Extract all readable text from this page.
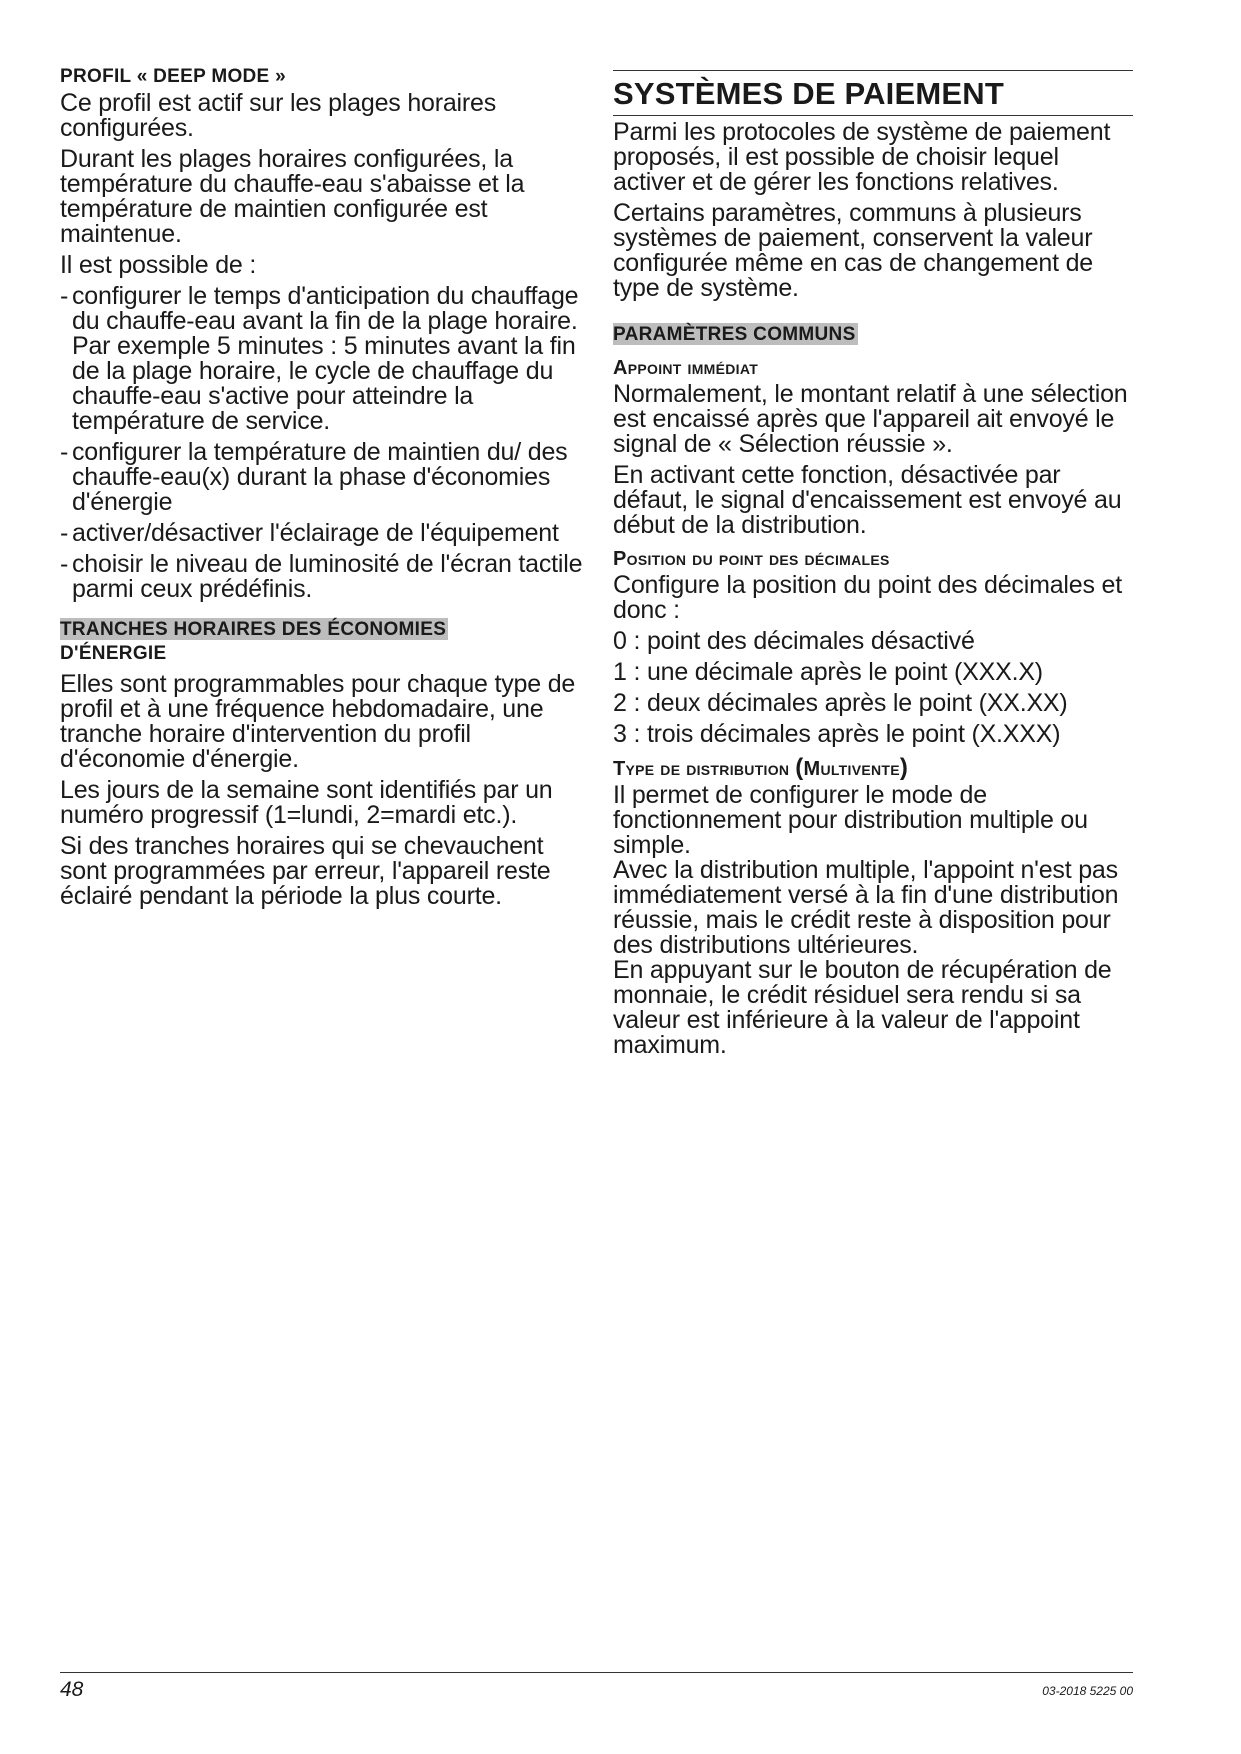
PROFIL « DEEP MODE »

Ce profil est actif sur les plages horaires configurées.

Durant les plages horaires configurées, la température du chauffe-eau s'abaisse et la température de maintien configurée est maintenue.

Il est possible de :

- configurer le temps d'anticipation du chauffage du chauffe-eau avant la fin de la plage horaire.
Par exemple 5 minutes : 5 minutes avant la fin de la plage horaire, le cycle de chauffage du chauffe-eau s'active pour atteindre la température de service.
- configurer la température de maintien du/ des chauffe-eau(x) durant la phase d'économies d'énergie
- activer/désactiver l'éclairage de l'équipement
- choisir le niveau de luminosité de l'écran tactile parmi ceux prédéfinis.
TRANCHES HORAIRES DES ÉCONOMIES
D'ÉNERGIE

Elles sont programmables pour chaque type de profil et à une fréquence hebdomadaire, une tranche horaire d'intervention du profil d'économie d'énergie.

Les jours de la semaine sont identifiés par un numéro progressif (1=lundi, 2=mardi etc.).

Si des tranches horaires qui se chevauchent sont programmées par erreur, l'appareil reste éclairé pendant la période la plus courte.

SYSTÈMES DE PAIEMENT

Parmi les protocoles de système de paiement proposés, il est possible de choisir lequel activer et de gérer les fonctions relatives.

Certains paramètres, communs à plusieurs systèmes de paiement, conservent la valeur configurée même en cas de changement de type de système.

PARAMÈTRES COMMUNS
Appoint immédiat

Normalement, le montant relatif à une sélection est encaissé après que l'appareil ait envoyé le signal de « Sélection réussie ».

En activant cette fonction, désactivée par défaut, le signal d'encaissement est envoyé au début de la distribution.

Position du point des décimales

Configure la position du point des décimales et donc :

0 : point des décimales désactivé

1 : une décimale après le point (XXX.X)

2 : deux décimales après le point (XX.XX)

3 : trois décimales après le point (X.XXX)

Type de distribution (Multivente)

Il permet de configurer le mode de fonctionnement pour distribution multiple ou simple.

Avec la distribution multiple, l'appoint n'est pas immédiatement versé à la fin d'une distribution réussie, mais le crédit reste à disposition pour des distributions ultérieures.

En appuyant sur le bouton de récupération de monnaie, le crédit résiduel sera rendu si sa valeur est inférieure à la valeur de l'appoint maximum.

48	03-2018 5225 00
